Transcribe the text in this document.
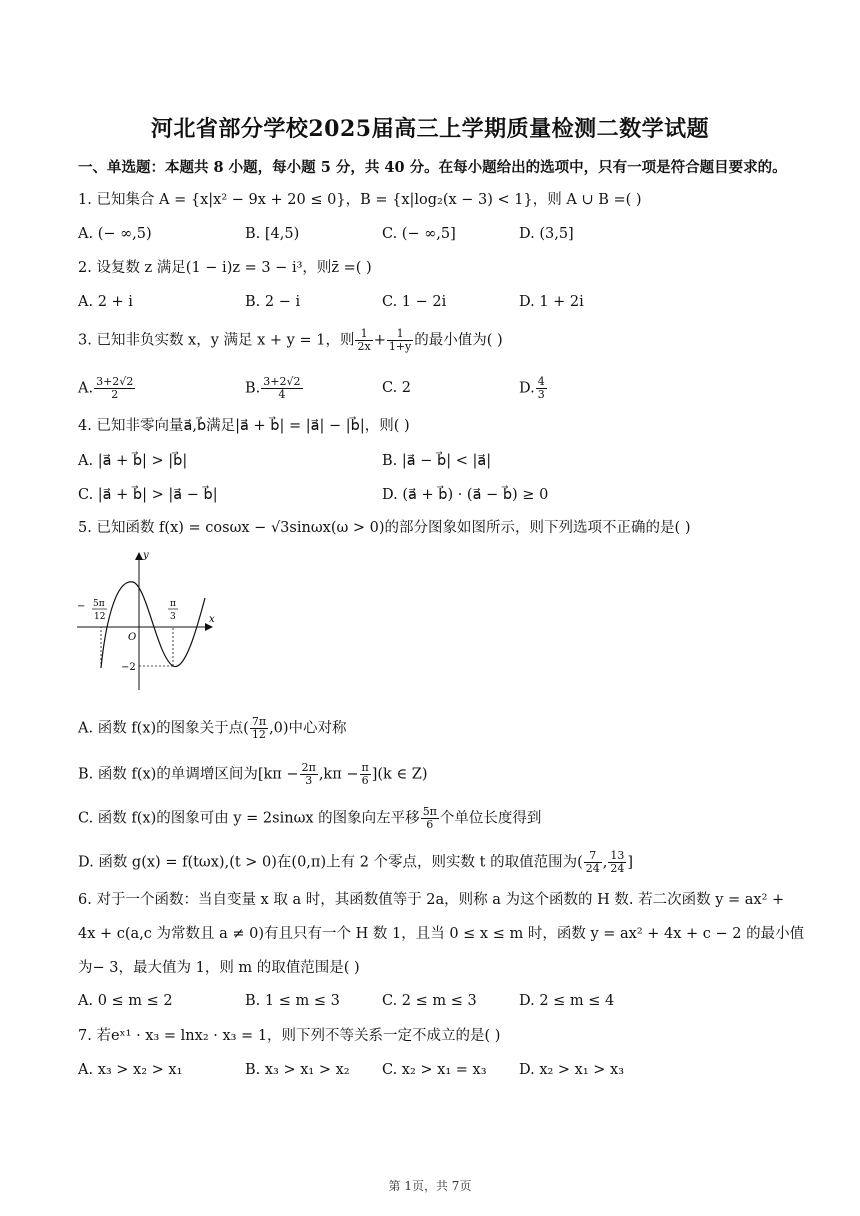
河北省部分学校2025届高三上学期质量检测二数学试题
一、单选题：本题共 8 小题，每小题 5 分，共 40 分。在每小题给出的选项中，只有一项是符合题目要求的。
1. 已知集合 A = {x|x² − 9x + 20 ≤ 0}，B = {x|log₂(x − 3) < 1}，则 A ∪ B =( )
A. (− ∞,5)	B. [4,5)	C. (− ∞,5]	D. (3,5]
2. 设复数 z 满足(1 − i)z = 3 − i³，则z̄ =( )
A. 2 + i	B. 2 − i	C. 1 − 2i	D. 1 + 2i
3. 已知非负实数 x，y 满足 x + y = 1，则 $\frac{1}{2x} + \frac{1}{1+y}$ 的最小值为( )
A. $\frac{3+2√2}{2}$	B. $\frac{3+2√2}{4}$	C. 2	D. $\frac{4}{3}$
4. 已知非零向量a⃗,b⃗满足|a⃗ + b⃗| = |a⃗| − |b⃗|，则( )
A. |a⃗ + b⃗| > |b⃗|	B. |a⃗ − b⃗| < |a⃗|
C. |a⃗ + b⃗| > |a⃗ − b⃗|	D. (a⃗ + b⃗) · (a⃗ − b⃗) ≥ 0
5. 已知函数 f(x) = cosωx − √3sinωx(ω > 0)的部分图象如图所示，则下列选项不正确的是( )
y
x
O
− 5π
12
π
3
−2
A. 函数 f(x)的图象关于点( $\frac{7\pi}{12} ,0$)中心对称
B. 函数 f(x)的单调增区间为$[k\pi - \frac{2\pi}{3} ,k\pi - \frac{\pi}{6} ](k$ ∈ Z)
C. 函数 f(x)的图象可由 y = 2sinωx 的图象向左平移 $\frac{5\pi}{6}$ 个单位长度得到
D. 函数 g(x) = f(tωx),(t > 0)在(0,π)上有 2 个零点，则实数 t 的取值范围为( $\frac{7}{24}$ , $\frac{13}{24}$ ]
6. 对于一个函数：当自变量 x 取 a 时，其函数值等于 2a，则称 a 为这个函数的 H 数. 若二次函数 y = ax² +
4x + c(a,c 为常数且 a ≠ 0)有且只有一个 H 数 1，且当 0 ≤ x ≤ m 时，函数 y = ax² + 4x + c − 2 的最小值
为− 3，最大值为 1，则 m 的取值范围是( )
A. 0 ≤ m ≤ 2	B. 1 ≤ m ≤ 3	C. 2 ≤ m ≤ 3	D. 2 ≤ m ≤ 4
7. 若eˣ¹ · x₃ = lnx₂ · x₃ = 1，则下列不等关系一定不成立的是( )
A. x₃ > x₂ > x₁	B. x₃ > x₁ > x₂ C. x₂ > x₁ = x₃ D. x₂ > x₁ > x₃
第 1页，共 7页
